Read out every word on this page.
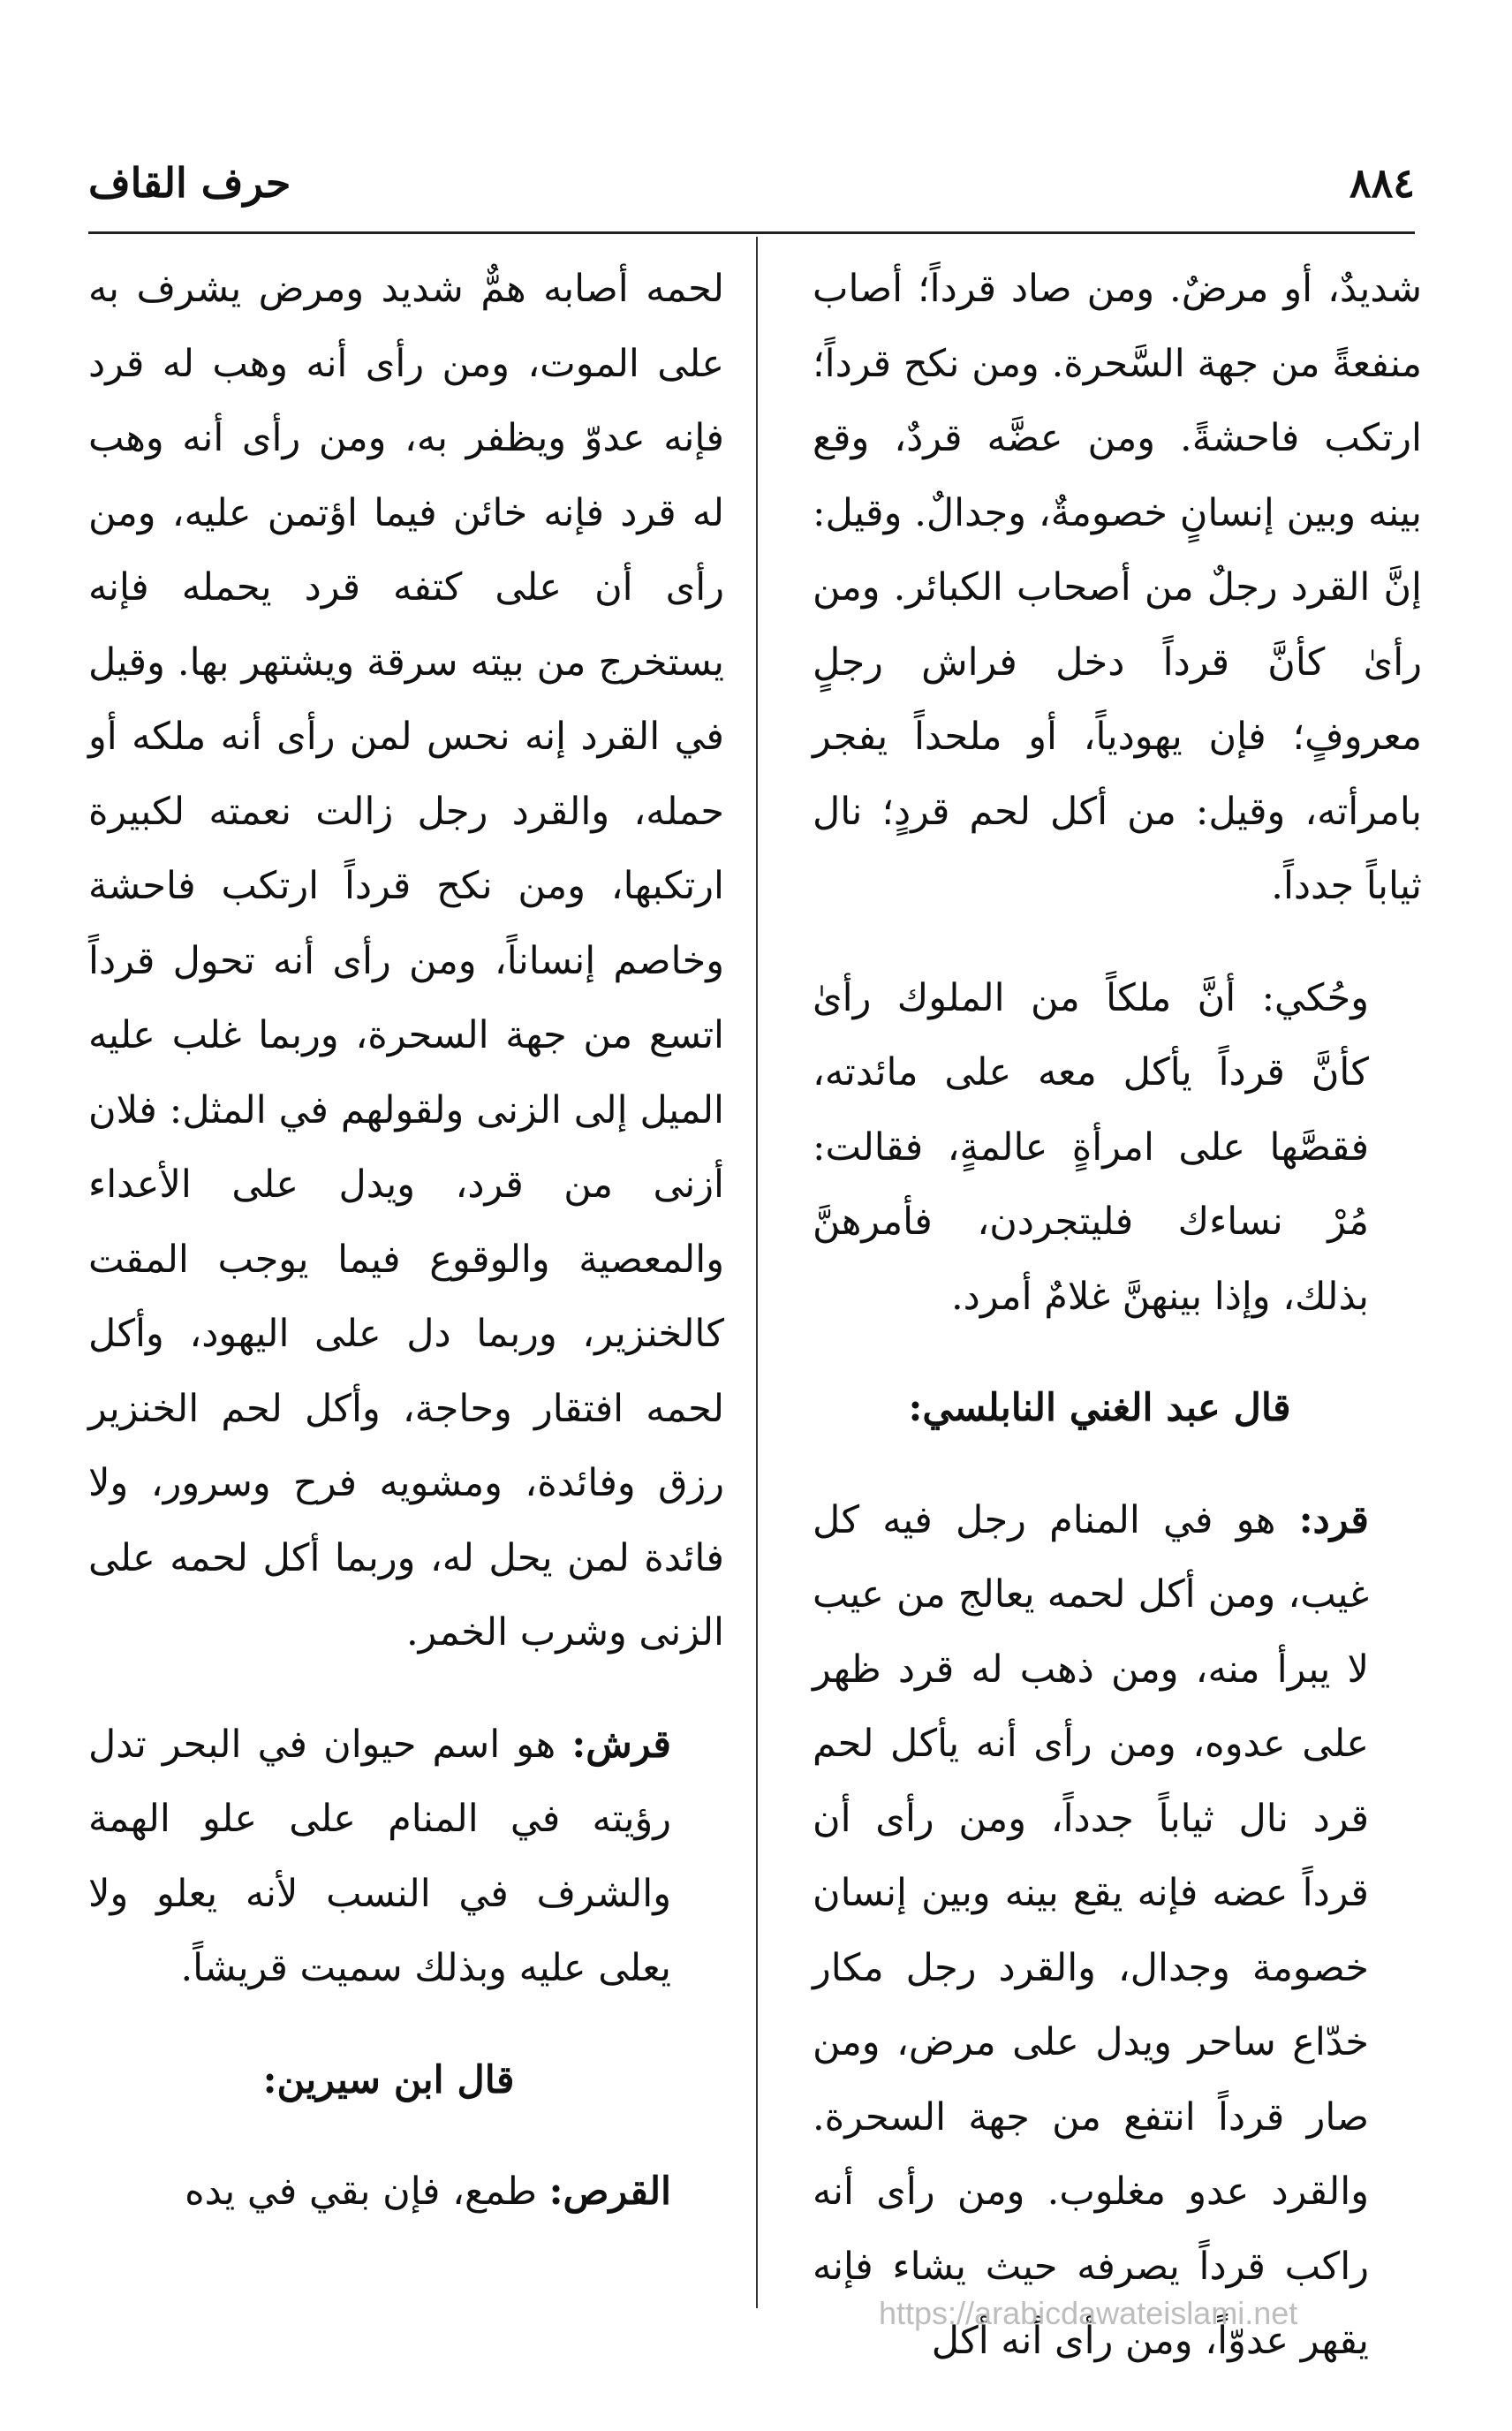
٨٨٤
حرف القاف

شديدٌ، أو مرضٌ. ومن صاد قرداً؛ أصاب منفعةً من جهة السَّحرة. ومن نكح قرداً؛ ارتكب فاحشةً. ومن عضَّه قردٌ، وقع بينه وبين إنسانٍ خصومةٌ، وجدالٌ. وقيل: إنَّ القرد رجلٌ من أصحاب الكبائر. ومن رأىٰ كأنَّ قرداً دخل فراش رجلٍ معروفٍ؛ فإن يهودياً، أو ملحداً يفجر بامرأته، وقيل: من أكل لحم قردٍ؛ نال ثياباً جدداً.

وحُكي: أنَّ ملكاً من الملوك رأىٰ كأنَّ قرداً يأكل معه على مائدته، فقصَّها على امرأةٍ عالمةٍ، فقالت: مُرْ نساءك فليتجردن، فأمرهنَّ بذلك، وإذا بينهنَّ غلامٌ أمرد.

قال عبد الغني النابلسي:

قرد: هو في المنام رجل فيه كل غيب، ومن أكل لحمه يعالج من عيب لا يبرأ منه، ومن ذهب له قرد ظهر على عدوه، ومن رأى أنه يأكل لحم قرد نال ثياباً جدداً، ومن رأى أن قرداً عضه فإنه يقع بينه وبين إنسان خصومة وجدال، والقرد رجل مكار خدّاع ساحر ويدل على مرض، ومن صار قرداً انتفع من جهة السحرة. والقرد عدو مغلوب. ومن رأى أنه راكب قرداً يصرفه حيث يشاء فإنه يقهر عدوّاً، ومن رأى أنه أكل

لحمه أصابه همٌّ شديد ومرض يشرف به على الموت، ومن رأى أنه وهب له قرد فإنه عدوّ ويظفر به، ومن رأى أنه وهب له قرد فإنه خائن فيما اؤتمن عليه، ومن رأى أن على كتفه قرد يحمله فإنه يستخرج من بيته سرقة ويشتهر بها. وقيل في القرد إنه نحس لمن رأى أنه ملكه أو حمله، والقرد رجل زالت نعمته لكبيرة ارتكبها، ومن نكح قرداً ارتكب فاحشة وخاصم إنساناً، ومن رأى أنه تحول قرداً اتسع من جهة السحرة، وربما غلب عليه الميل إلى الزنى ولقولهم في المثل: فلان أزنى من قرد، ويدل على الأعداء والمعصية والوقوع فيما يوجب المقت كالخنزير، وربما دل على اليهود، وأكل لحمه افتقار وحاجة، وأكل لحم الخنزير رزق وفائدة، ومشويه فرح وسرور، ولا فائدة لمن يحل له، وربما أكل لحمه على الزنى وشرب الخمر.

قرش: هو اسم حيوان في البحر تدل رؤيته في المنام على علو الهمة والشرف في النسب لأنه يعلو ولا يعلى عليه وبذلك سميت قريشاً.

قال ابن سيرين:

القرص: طمع، فإن بقي في يده

https://arabicdawateislami.net
